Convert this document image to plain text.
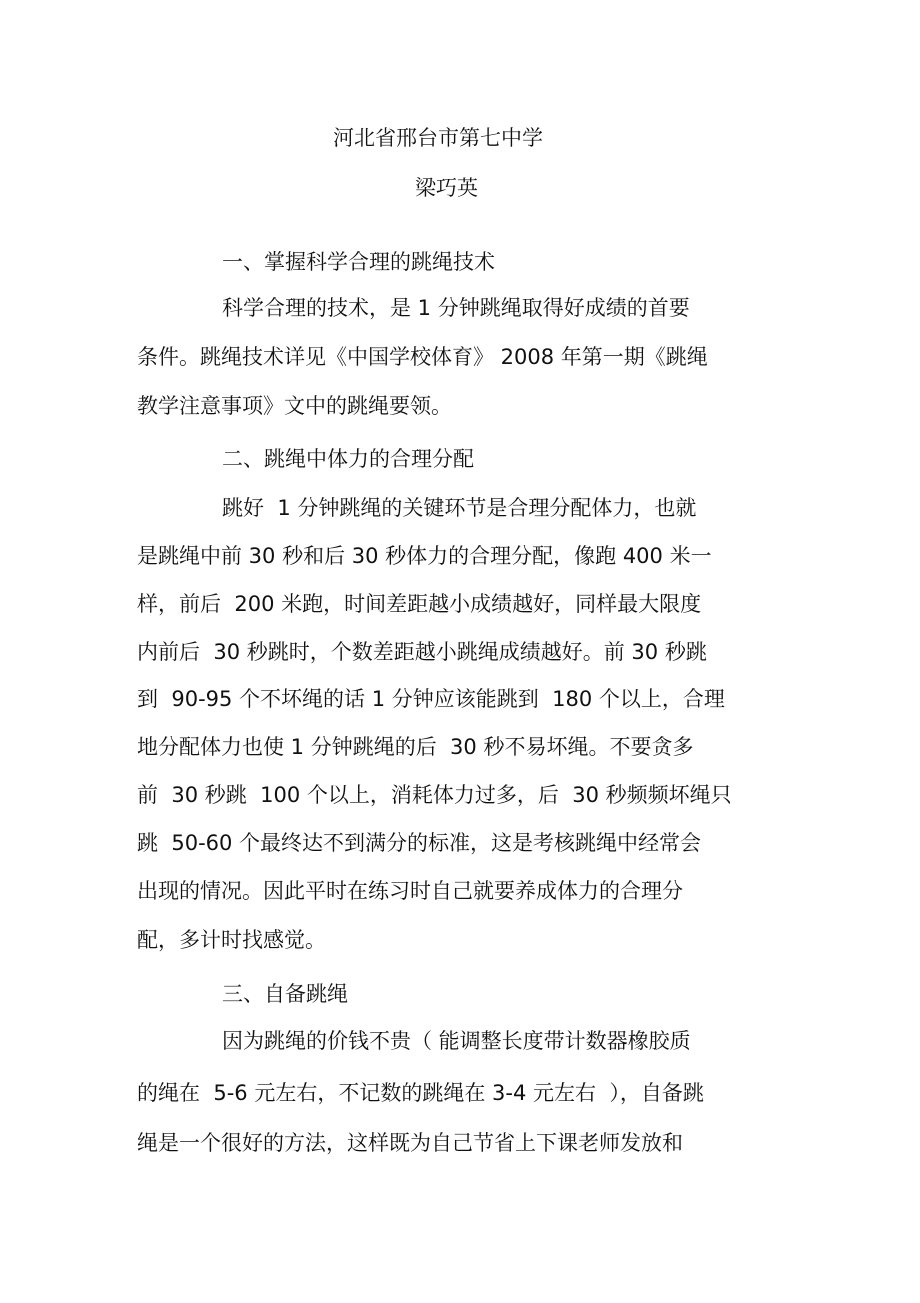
河北省邢台市第七中学
梁巧英
一、掌握科学合理的跳绳技术
科学合理的技术，是 1 分钟跳绳取得好成绩的首要
条件。跳绳技术详见《中国学校体育》 2008 年第一期《跳绳
教学注意事项》文中的跳绳要领。
二、跳绳中体力的合理分配
跳好  1 分钟跳绳的关键环节是合理分配体力，也就
是跳绳中前 30 秒和后 30 秒体力的合理分配，像跑 400 米一
样，前后  200 米跑，时间差距越小成绩越好，同样最大限度
内前后  30 秒跳时，个数差距越小跳绳成绩越好。前 30 秒跳
到  90-95 个不坏绳的话 1 分钟应该能跳到  180 个以上，合理
地分配体力也使 1 分钟跳绳的后  30 秒不易坏绳。不要贪多
前  30 秒跳  100 个以上，消耗体力过多，后  30 秒频频坏绳只
跳  50-60 个最终达不到满分的标准，这是考核跳绳中经常会
出现的情况。因此平时在练习时自己就要养成体力的合理分
配，多计时找感觉。
三、自备跳绳
因为跳绳的价钱不贵（ 能调整长度带计数器橡胶质
的绳在  5-6 元左右，不记数的跳绳在 3-4 元左右  ），自备跳
绳是一个很好的方法，这样既为自己节省上下课老师发放和
